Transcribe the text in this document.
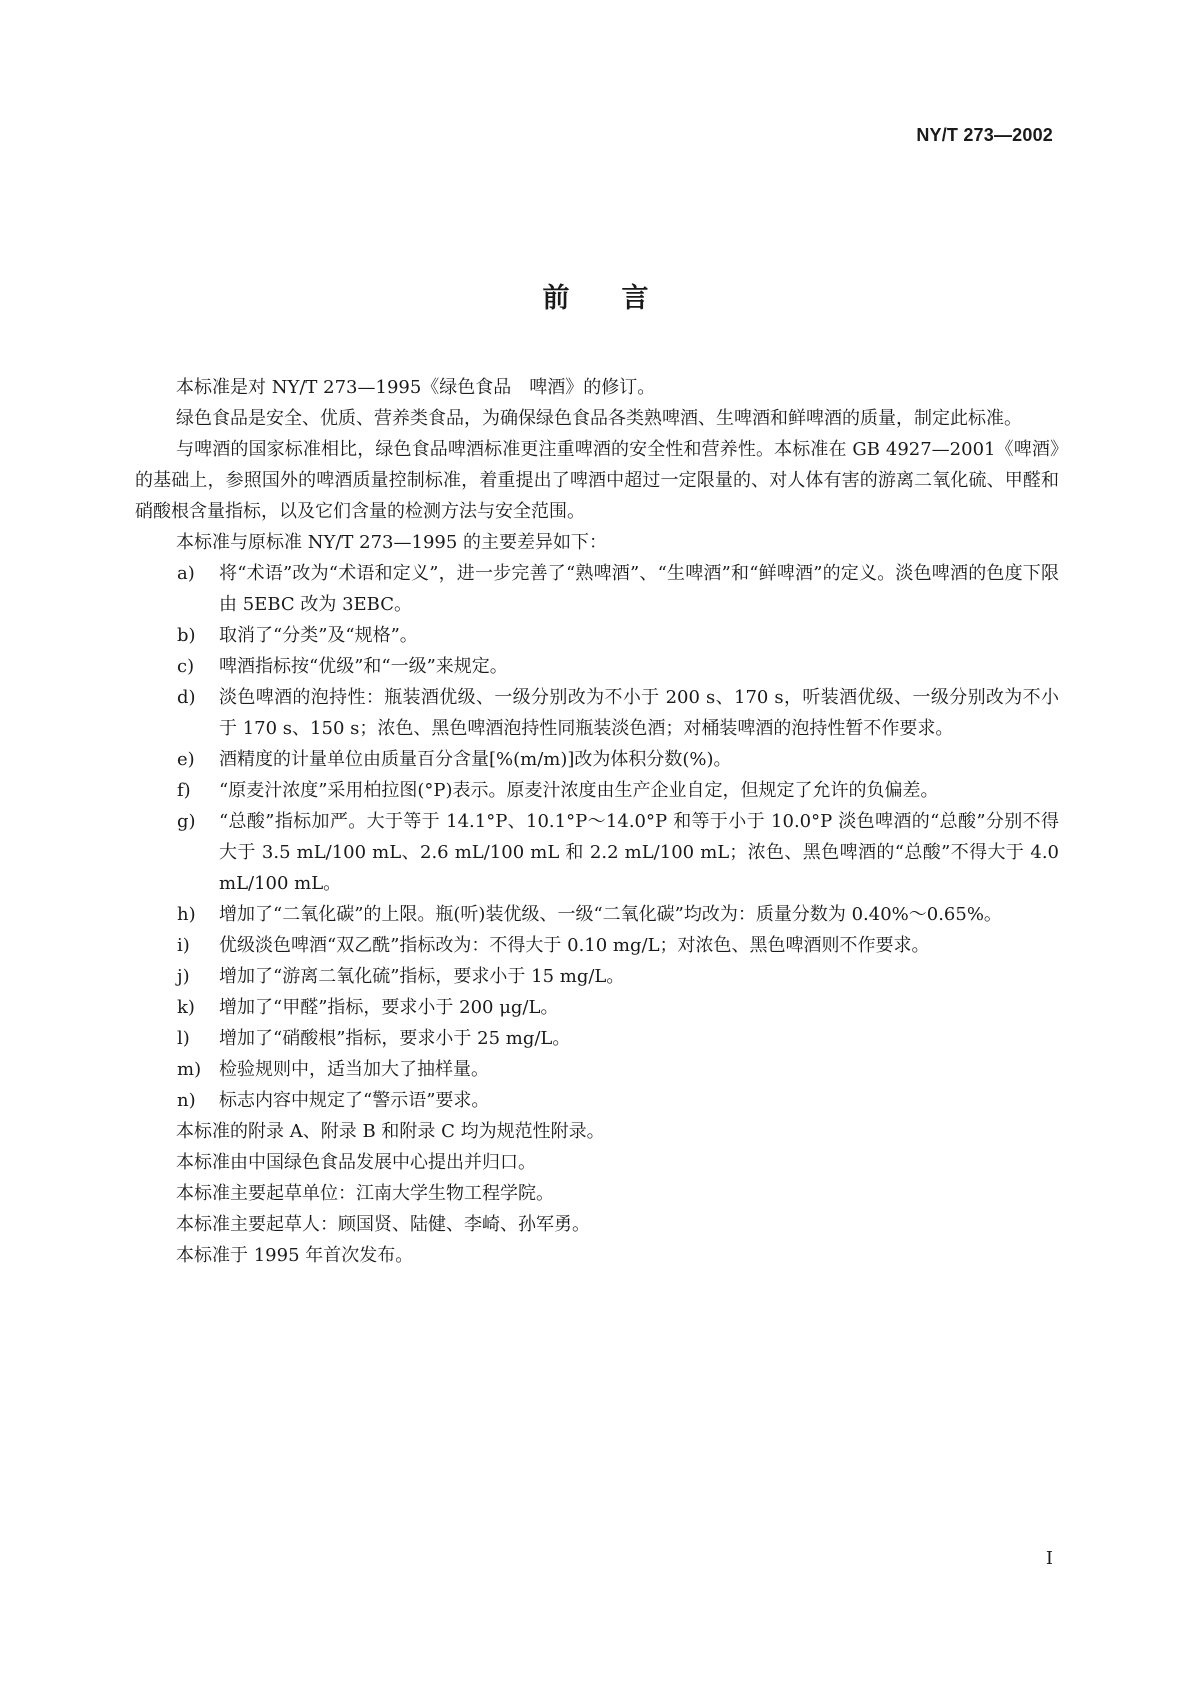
NY/T 273—2002
前言

本标准是对 NY/T 273—1995《绿色食品　啤酒》的修订。

绿色食品是安全、优质、营养类食品，为确保绿色食品各类熟啤酒、生啤酒和鲜啤酒的质量，制定此标准。

与啤酒的国家标准相比，绿色食品啤酒标准更注重啤酒的安全性和营养性。本标准在 GB 4927—2001《啤酒》的基础上，参照国外的啤酒质量控制标准，着重提出了啤酒中超过一定限量的、对人体有害的游离二氧化硫、甲醛和硝酸根含量指标，以及它们含量的检测方法与安全范围。

本标准与原标准 NY/T 273—1995 的主要差异如下：

a)	将“术语”改为“术语和定义”，进一步完善了“熟啤酒”、“生啤酒”和“鲜啤酒”的定义。淡色啤酒的色度下限由 5EBC 改为 3EBC。

b)	取消了“分类”及“规格”。

c)	啤酒指标按“优级”和“一级”来规定。

d)	淡色啤酒的泡持性：瓶装酒优级、一级分别改为不小于 200 s、170 s，听装酒优级、一级分别改为不小于 170 s、150 s；浓色、黑色啤酒泡持性同瓶装淡色酒；对桶装啤酒的泡持性暂不作要求。

e)	酒精度的计量单位由质量百分含量[%(m/m)]改为体积分数(%)。

f)	“原麦汁浓度”采用柏拉图(°P)表示。原麦汁浓度由生产企业自定，但规定了允许的负偏差。

g)	“总酸”指标加严。大于等于 14.1°P、10.1°P～14.0°P 和等于小于 10.0°P 淡色啤酒的“总酸”分别不得大于 3.5 mL/100 mL、2.6 mL/100 mL 和 2.2 mL/100 mL；浓色、黑色啤酒的“总酸”不得大于 4.0 mL/100 mL。

h)	增加了“二氧化碳”的上限。瓶(听)装优级、一级“二氧化碳”均改为：质量分数为 0.40%～0.65%。

i)	优级淡色啤酒“双乙酰”指标改为：不得大于 0.10 mg/L；对浓色、黑色啤酒则不作要求。

j)	增加了“游离二氧化硫”指标，要求小于 15 mg/L。

k)	增加了“甲醛”指标，要求小于 200 μg/L。

l)	增加了“硝酸根”指标，要求小于 25 mg/L。

m) 检验规则中，适当加大了抽样量。

n)	标志内容中规定了“警示语”要求。

本标准的附录 A、附录 B 和附录 C 均为规范性附录。

本标准由中国绿色食品发展中心提出并归口。

本标准主要起草单位：江南大学生物工程学院。

本标准主要起草人：顾国贤、陆健、李崎、孙军勇。

本标准于 1995 年首次发布。

I
